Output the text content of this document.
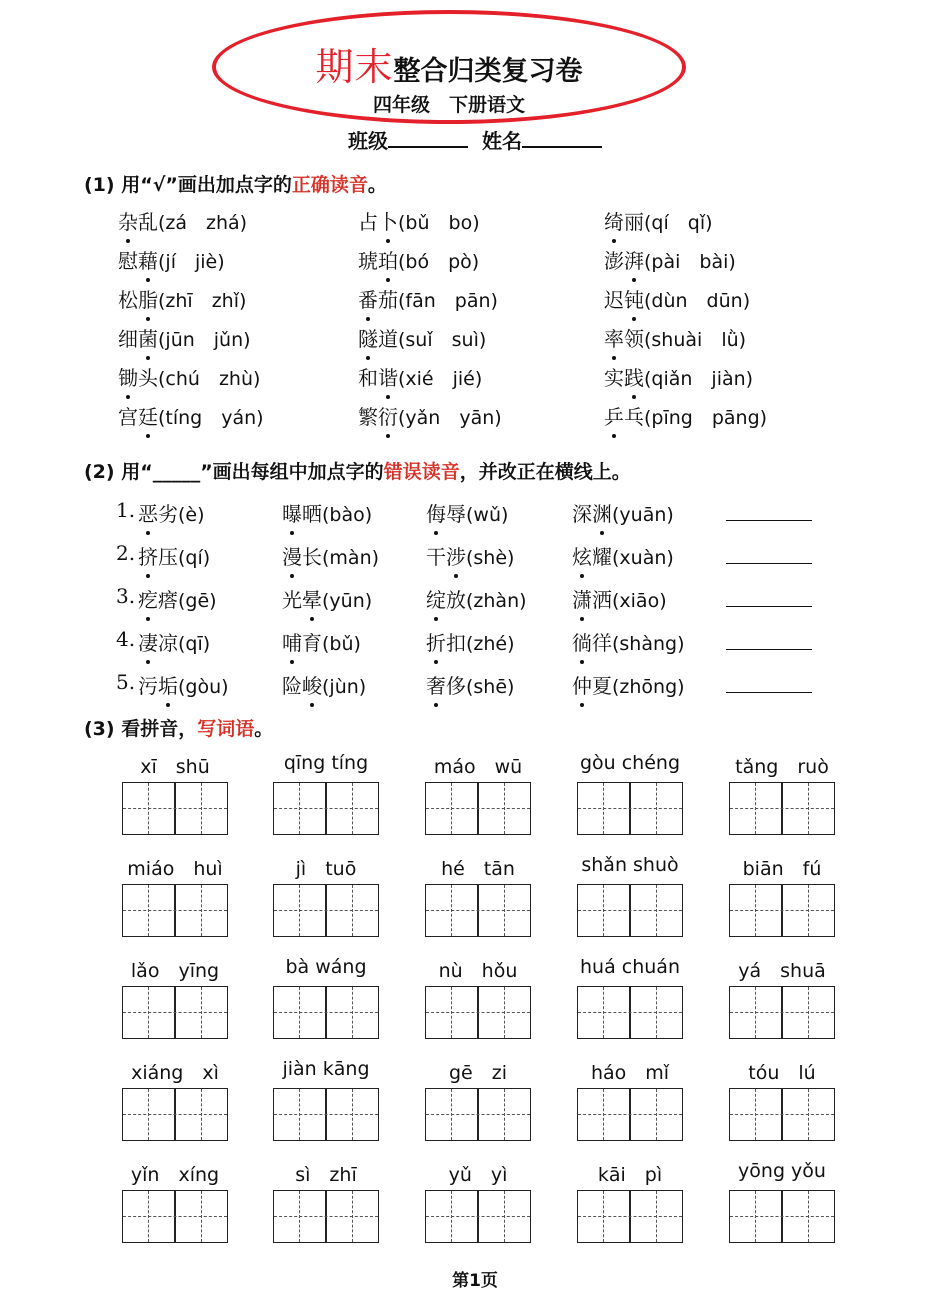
期末整合归类复习卷
四年级　下册语文
班级	姓名
(1) 用“√”画出加点字的正确读音。
杂乱(zá　zhá)	占卜(bǔ　bo)	绮丽(qí　qǐ)
慰藉(jí　jiè)	琥珀(bó　pò)	澎湃(pài　bài)
松脂(zhī　zhǐ)	番茄(fān　pān)	迟钝(dùn　dūn)
细菌(jūn　jǔn)	隧道(suǐ　suì)	率领(shuài　lǜ)
锄头(chú　zhù)	和谐(xié　jié)	实践(qiǎn　jiàn)
宫廷(tíng　yán)	繁衍(yǎn　yān)	乒乓(pīng　pāng)
(2) 用“_____”画出每组中加点字的错误读音，并改正在横线上。
1. 恶劣(è)	曝晒(bào)	侮辱(wǔ)	深渊(yuān)
2. 挤压(qí)	漫长(màn) 干涉(shè)	炫耀(xuàn)
3. 疙瘩(gē)	光晕(yūn)	绽放(zhàn) 潇洒(xiāo)
4. 凄凉(qī)	哺育(bǔ)	折扣(zhé)	徜徉(shàng)
5. 污垢(gòu)	险峻(jùn)	奢侈(shē)	仲夏(zhōng)
(3) 看拼音，写词语。
xī　shū	qīng tíng	máo　wū	gòu chéng	tǎng　ruò
miáo　huì	jì　tuō	hé　tān	shǎn shuò	biān　fú
lǎo　yīng	bà wáng	nù　hǒu	huá chuán	yá　shuā
xiáng　xì	jiàn kāng	gē　zi	háo　mǐ	tóu　lú
yǐn　xíng	sì　zhī	yǔ　yì	kāi　pì	yōng yǒu
第1页
